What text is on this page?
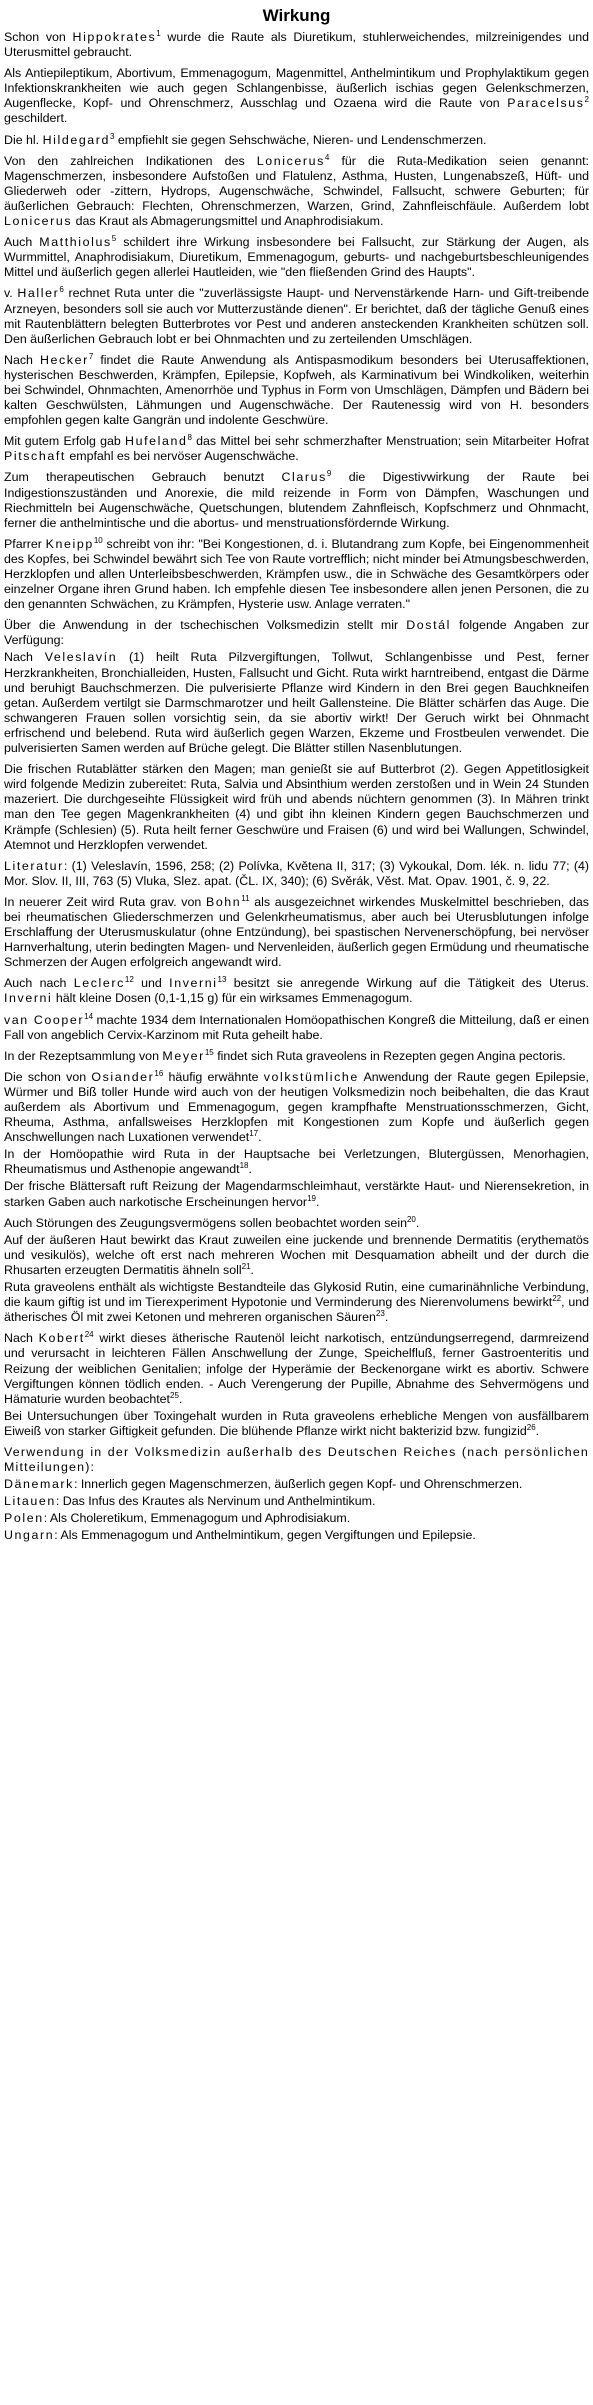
Wirkung

Schon von Hippokrates$^1$ wurde die Raute als Diuretikum, stuhlerweichendes, milzreinigendes und Uterusmittel gebraucht.

Als Antiepileptikum, Abortivum, Emmenagogum, Magenmittel, Anthelmintikum und Prophylaktikum gegen Infektionskrankheiten wie auch gegen Schlangenbisse, äußerlich ischias gegen Gelenkschmerzen, Augenflecke, Kopf- und Ohrenschmerz, Ausschlag und Ozaena wird die Raute von Paracelsus$^2$ geschildert.

Die hl. Hildegard$^3$ empfiehlt sie gegen Sehschwäche, Nieren- und Lendenschmerzen.

Von den zahlreichen Indikationen des Lonicerus$^4$ für die Ruta-Medikation seien genannt: Magenschmerzen, insbesondere Aufstoßen und Flatulenz, Asthma, Husten, Lungenabszeß, Hüft- und Gliederweh oder -zittern, Hydrops, Augenschwäche, Schwindel, Fallsucht, schwere Geburten; für äußerlichen Gebrauch: Flechten, Ohrenschmerzen, Warzen, Grind, Zahnfleischfäule. Außerdem lobt Lonicerus das Kraut als Abmagerungsmittel und Anaphrodisiakum.

Auch Matthiolus$^5$ schildert ihre Wirkung insbesondere bei Fallsucht, zur Stärkung der Augen, als Wurmmittel, Anaphrodisiakum, Diuretikum, Emmenagogum, geburts- und nachgeburtsbeschleunigendes Mittel und äußerlich gegen allerlei Hautleiden, wie "den fließenden Grind des Haupts".

v. Haller$^6$ rechnet Ruta unter die "zuverlässigste Haupt- und Nervenstärkende Harn- und Gift-treibende Arzneyen, besonders soll sie auch vor Mutterzustände dienen". Er berichtet, daß der tägliche Genuß eines mit Rautenblättern belegten Butterbrotes vor Pest und anderen ansteckenden Krankheiten schützen soll. Den äußerlichen Gebrauch lobt er bei Ohnmachten und zu zerteilenden Umschlägen.

Nach Hecker$^7$ findet die Raute Anwendung als Antispasmodikum besonders bei Uterusaffektionen, hysterischen Beschwerden, Krämpfen, Epilepsie, Kopfweh, als Karminativum bei Windkoliken, weiterhin bei Schwindel, Ohnmachten, Amenorrhöe und Typhus in Form von Umschlägen, Dämpfen und Bädern bei kalten Geschwülsten, Lähmungen und Augenschwäche. Der Rautenessig wird von H. besonders empfohlen gegen kalte Gangrän und indolente Geschwüre.

Mit gutem Erfolg gab Hufeland$^8$ das Mittel bei sehr schmerzhafter Menstruation; sein Mitarbeiter Hofrat Pitschaft empfahl es bei nervöser Augenschwäche.

Zum therapeutischen Gebrauch benutzt Clarus$^9$ die Digestivwirkung der Raute bei Indigestionszuständen und Anorexie, die mild reizende in Form von Dämpfen, Waschungen und Riechmitteln bei Augenschwäche, Quetschungen, blutendem Zahnfleisch, Kopfschmerz und Ohnmacht, ferner die anthelmintische und die abortus- und menstruationsfördernde Wirkung.

Pfarrer Kneipp$^{10}$ schreibt von ihr: "Bei Kongestionen, d. i. Blutandrang zum Kopfe, bei Eingenommenheit des Kopfes, bei Schwindel bewährt sich Tee von Raute vortrefflich; nicht minder bei Atmungsbeschwerden, Herzklopfen und allen Unterleibsbeschwerden, Krämpfen usw., die in Schwäche des Gesamtkörpers oder einzelner Organe ihren Grund haben. Ich empfehle diesen Tee insbesondere allen jenen Personen, die zu den genannten Schwächen, zu Krämpfen, Hysterie usw. Anlage verraten."

Über die Anwendung in der tschechischen Volksmedizin stellt mir Dostál folgende Angaben zur Verfügung:

Nach Veleslavín (1) heilt Ruta Pilzvergiftungen, Tollwut, Schlangenbisse und Pest, ferner Herzkrankheiten, Bronchialleiden, Husten, Fallsucht und Gicht. Ruta wirkt harntreibend, entgast die Därme und beruhigt Bauchschmerzen. Die pulverisierte Pflanze wird Kindern in den Brei gegen Bauchkneifen getan. Außerdem vertilgt sie Darmschmarotzer und heilt Gallensteine. Die Blätter schärfen das Auge. Die schwangeren Frauen sollen vorsichtig sein, da sie abortiv wirkt! Der Geruch wirkt bei Ohnmacht erfrischend und belebend. Ruta wird äußerlich gegen Warzen, Ekzeme und Frostbeulen verwendet. Die pulverisierten Samen werden auf Brüche gelegt. Die Blätter stillen Nasenblutungen.

Die frischen Rutablätter stärken den Magen; man genießt sie auf Butterbrot (2). Gegen Appetitlosigkeit wird folgende Medizin zubereitet: Ruta, Salvia und Absinthium werden zerstoßen und in Wein 24 Stunden mazeriert. Die durchgeseihte Flüssigkeit wird früh und abends nüchtern genommen (3). In Mähren trinkt man den Tee gegen Magenkrankheiten (4) und gibt ihn kleinen Kindern gegen Bauchschmerzen und Krämpfe (Schlesien) (5). Ruta heilt ferner Geschwüre und Fraisen (6) und wird bei Wallungen, Schwindel, Atemnot und Herzklopfen verwendet.

Literatur: (1) Veleslavín, 1596, 258; (2) Polívka, Květena II, 317; (3) Vykoukal, Dom. lék. n. lidu 77; (4) Mor. Slov. II, III, 763 (5) Vluka, Slez. apat. (ČL. IX, 340); (6) Svěrák, Věst. Mat. Opav. 1901, č. 9, 22.

In neuerer Zeit wird Ruta grav. von Bohn$^{11}$ als ausgezeichnet wirkendes Muskelmittel beschrieben, das bei rheumatischen Gliederschmerzen und Gelenkrheumatismus, aber auch bei Uterusblutungen infolge Erschlaffung der Uterusmuskulatur (ohne Entzündung), bei spastischen Nervenerschöpfung, bei nervöser Harnverhaltung, uterin bedingten Magen- und Nervenleiden, äußerlich gegen Ermüdung und rheumatische Schmerzen der Augen erfolgreich angewandt wird.

Auch nach Leclerc$^{12}$ und Inverni$^{13}$ besitzt sie anregende Wirkung auf die Tätigkeit des Uterus. Inverni hält kleine Dosen (0,1-1,15 g) für ein wirksames Emmenagogum.

van Cooper$^{14}$ machte 1934 dem Internationalen Homöopathischen Kongreß die Mitteilung, daß er einen Fall von angeblich Cervix-Karzinom mit Ruta geheilt habe.

In der Rezeptsammlung von Meyer$^{15}$ findet sich Ruta graveolens in Rezepten gegen Angina pectoris.

Die schon von Osiander$^{16}$ häufig erwähnte volkstümliche Anwendung der Raute gegen Epilepsie, Würmer und Biß toller Hunde wird auch von der heutigen Volksmedizin noch beibehalten, die das Kraut außerdem als Abortivum und Emmenagogum, gegen krampfhafte Menstruationsschmerzen, Gicht, Rheuma, Asthma, anfallsweises Herzklopfen mit Kongestionen zum Kopfe und äußerlich gegen Anschwellungen nach Luxationen verwendet$^{17}$.

In der Homöopathie wird Ruta in der Hauptsache bei Verletzungen, Blutergüssen, Menorhagien, Rheumatismus und Asthenopie angewandt$^{18}$.

Der frische Blättersaft ruft Reizung der Magendarmschleimhaut, verstärkte Haut- und Nierensekretion, in starken Gaben auch narkotische Erscheinungen hervor$^{19}$.

Auch Störungen des Zeugungsvermögens sollen beobachtet worden sein$^{20}$.

Auf der äußeren Haut bewirkt das Kraut zuweilen eine juckende und brennende Dermatitis (erythematös und vesikulös), welche oft erst nach mehreren Wochen mit Desquamation abheilt und der durch die Rhusarten erzeugten Dermatitis ähneln soll$^{21}$.

Ruta graveolens enthält als wichtigste Bestandteile das Glykosid Rutin, eine cumarinähnliche Verbindung, die kaum giftig ist und im Tierexperiment Hypotonie und Verminderung des Nierenvolumens bewirkt$^{22}$, und ätherisches Öl mit zwei Ketonen und mehreren organischen Säuren$^{23}$.

Nach Kobert$^{24}$ wirkt dieses ätherische Rautenöl leicht narkotisch, entzündungserregend, darmreizend und verursacht in leichteren Fällen Anschwellung der Zunge, Speichelfluß, ferner Gastroenteritis und Reizung der weiblichen Genitalien; infolge der Hyperämie der Beckenorgane wirkt es abortiv. Schwere Vergiftungen können tödlich enden. - Auch Verengerung der Pupille, Abnahme des Sehvermögens und Hämaturie wurden beobachtet$^{25}$.

Bei Untersuchungen über Toxingehalt wurden in Ruta graveolens erhebliche Mengen von ausfällbarem Eiweiß von starker Giftigkeit gefunden. Die blühende Pflanze wirkt nicht bakterizid bzw. fungizid$^{26}$.

Verwendung in der Volksmedizin außerhalb des Deutschen Reiches (nach persönlichen Mitteilungen):

Dänemark: Innerlich gegen Magenschmerzen, äußerlich gegen Kopf- und Ohrenschmerzen.

Litauen: Das Infus des Krautes als Nervinum und Anthelmintikum.

Polen: Als Choleretikum, Emmenagogum und Aphrodisiakum.

Ungarn: Als Emmenagogum und Anthelmintikum, gegen Vergiftungen und Epilepsie.
